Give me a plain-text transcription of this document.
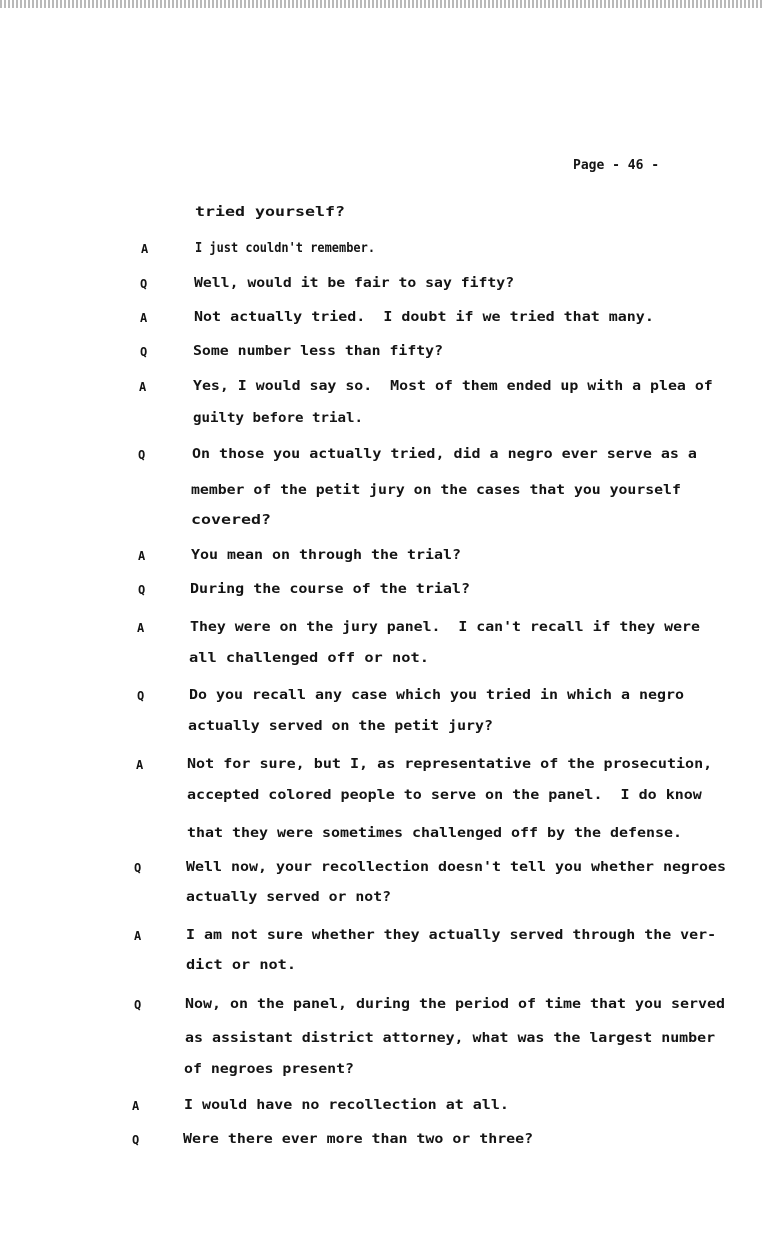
Page - 46 -
tried yourself?
A	I just couldn't remember.
Q	Well, would it be fair to say fifty?
A	Not actually tried.  I doubt if we tried that many.
Q	Some number less than fifty?
A	Yes, I would say so.  Most of them ended up with a plea of
guilty before trial.
Q	On those you actually tried, did a negro ever serve as a
member of the petit jury on the cases that you yourself
covered?
A	You mean on through the trial?
Q	During the course of the trial?
A	They were on the jury panel.  I can't recall if they were
all challenged off or not.
Q	Do you recall any case which you tried in which a negro
actually served on the petit jury?
A	Not for sure, but I, as representative of the prosecution,
accepted colored people to serve on the panel.  I do know
that they were sometimes challenged off by the defense.
Q	Well now, your recollection doesn't tell you whether negroes
actually served or not?
A	I am not sure whether they actually served through the ver-
dict or not.
Q	Now, on the panel, during the period of time that you served
as assistant district attorney, what was the largest number
of negroes present?
A	I would have no recollection at all.
Q	Were there ever more than two or three?
